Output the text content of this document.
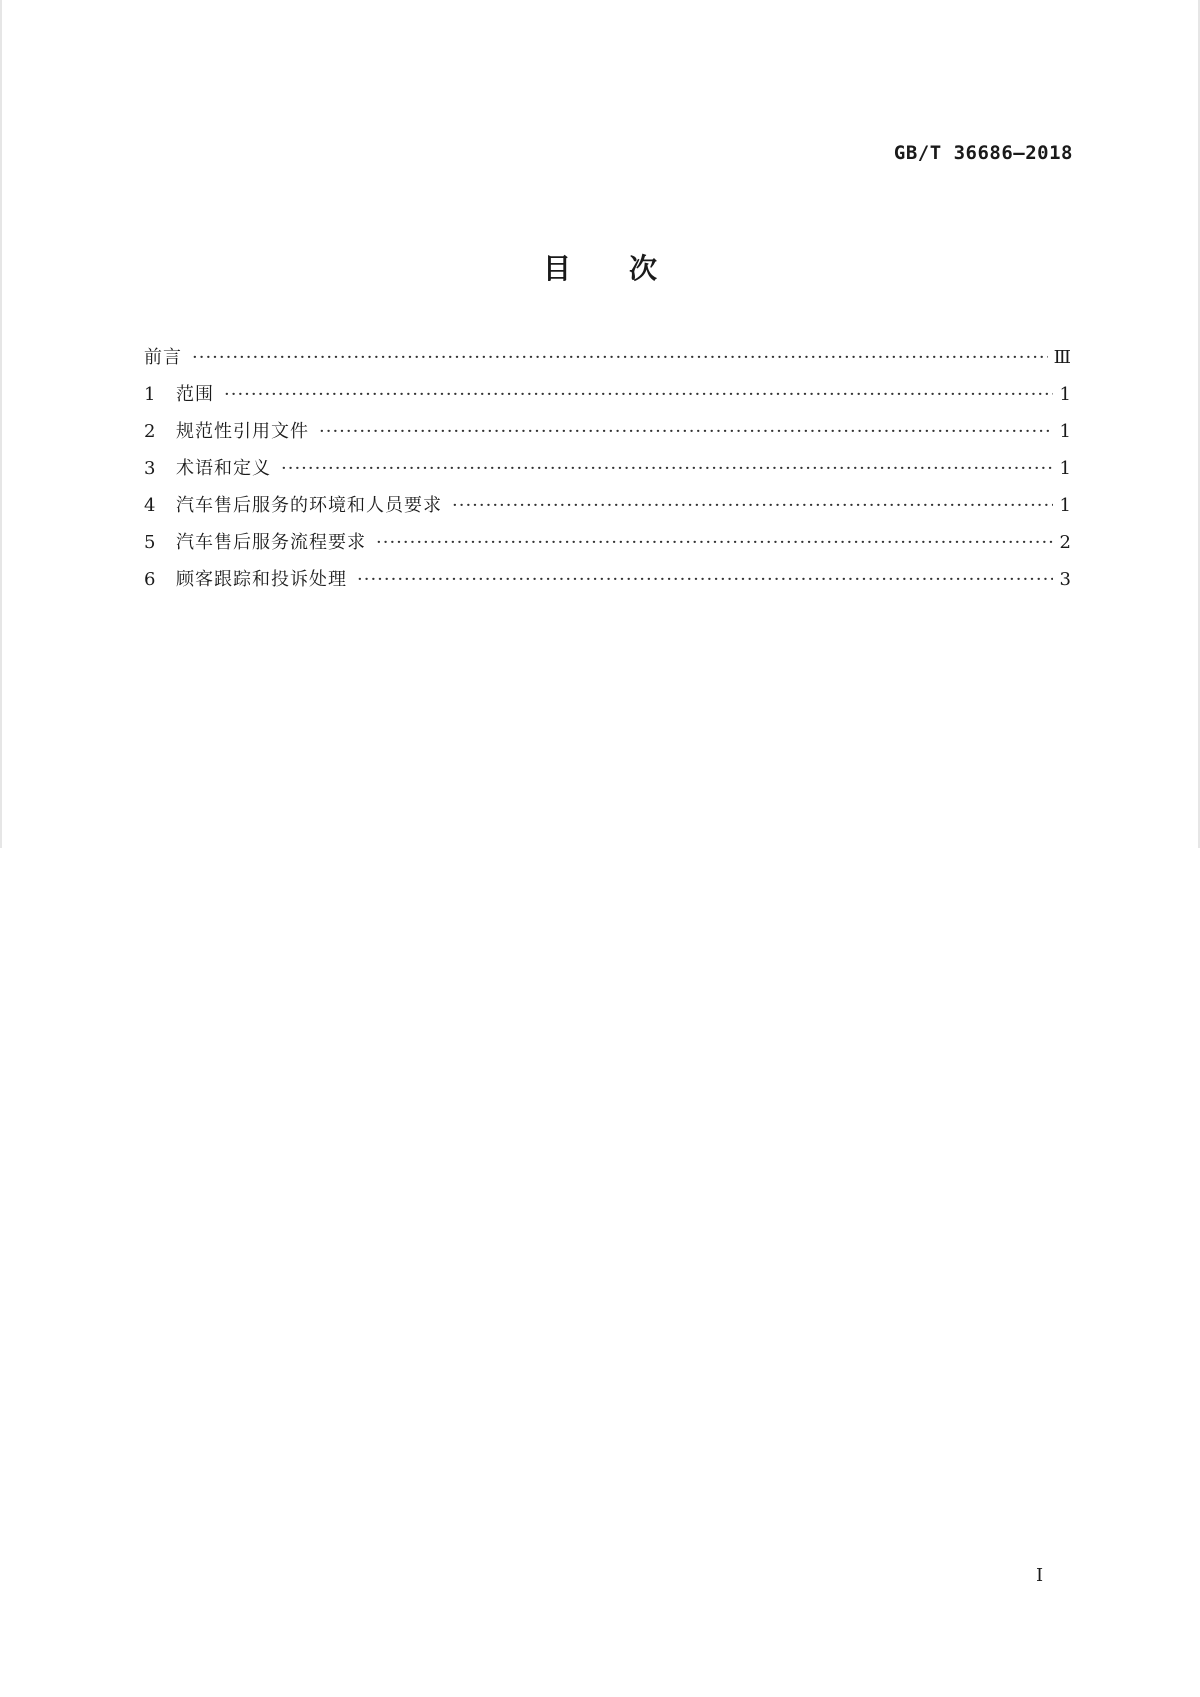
GB/T 36686—2018
目次
前言 ·····	Ⅲ
1	范围 ·····	1
2	规范性引用文件 ·····	1
3	术语和定义 ·····	1
4	汽车售后服务的环境和人员要求 ·····	1
5	汽车售后服务流程要求 ·····	2
6	顾客跟踪和投诉处理 ·····	3
Ⅰ
